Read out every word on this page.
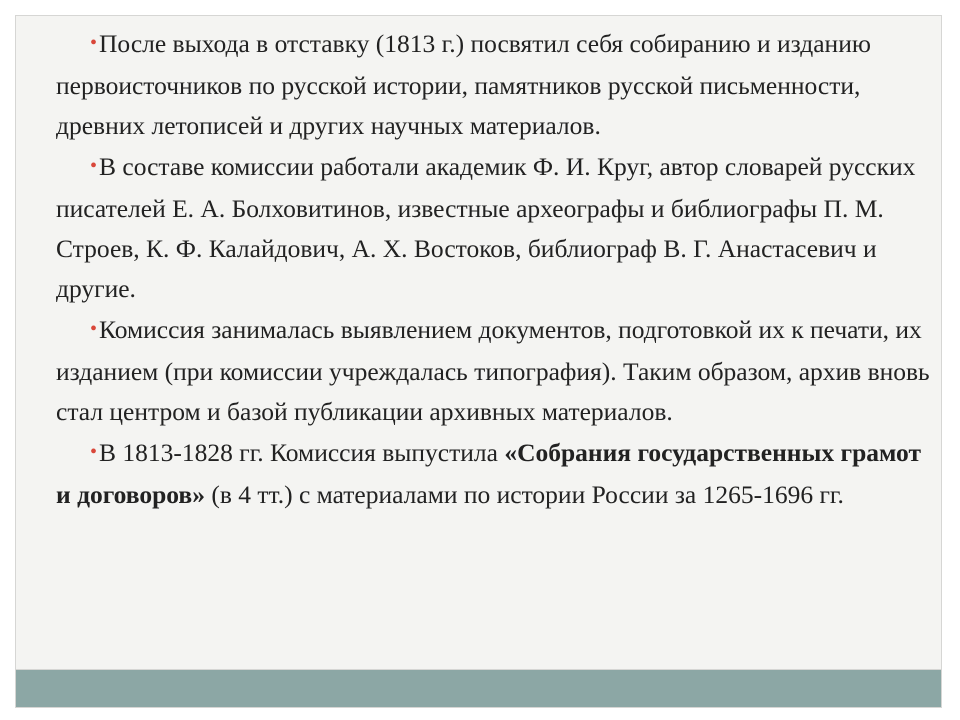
•После выхода в отставку (1813 г.) посвятил себя собиранию и изданию первоисточников по русской истории, памятников русской письменности, древних летописей и других научных материалов.

•В составе комиссии работали академик Ф. И. Круг, автор словарей русских писателей Е. А. Болховитинов, известные археографы и библиографы П. М. Строев, К. Ф. Калайдович, А. Х. Востоков, библиограф В. Г. Анастасевич и другие.

•Комиссия занималась выявлением документов, подготовкой их к печати, их изданием (при комиссии учреждалась типография). Таким образом, архив вновь стал центром и базой публикации архивных материалов.

•В 1813-1828 гг. Комиссия выпустила «Собрания государственных грамот и договоров» (в 4 тт.) с материалами по истории России за 1265-1696 гг.
